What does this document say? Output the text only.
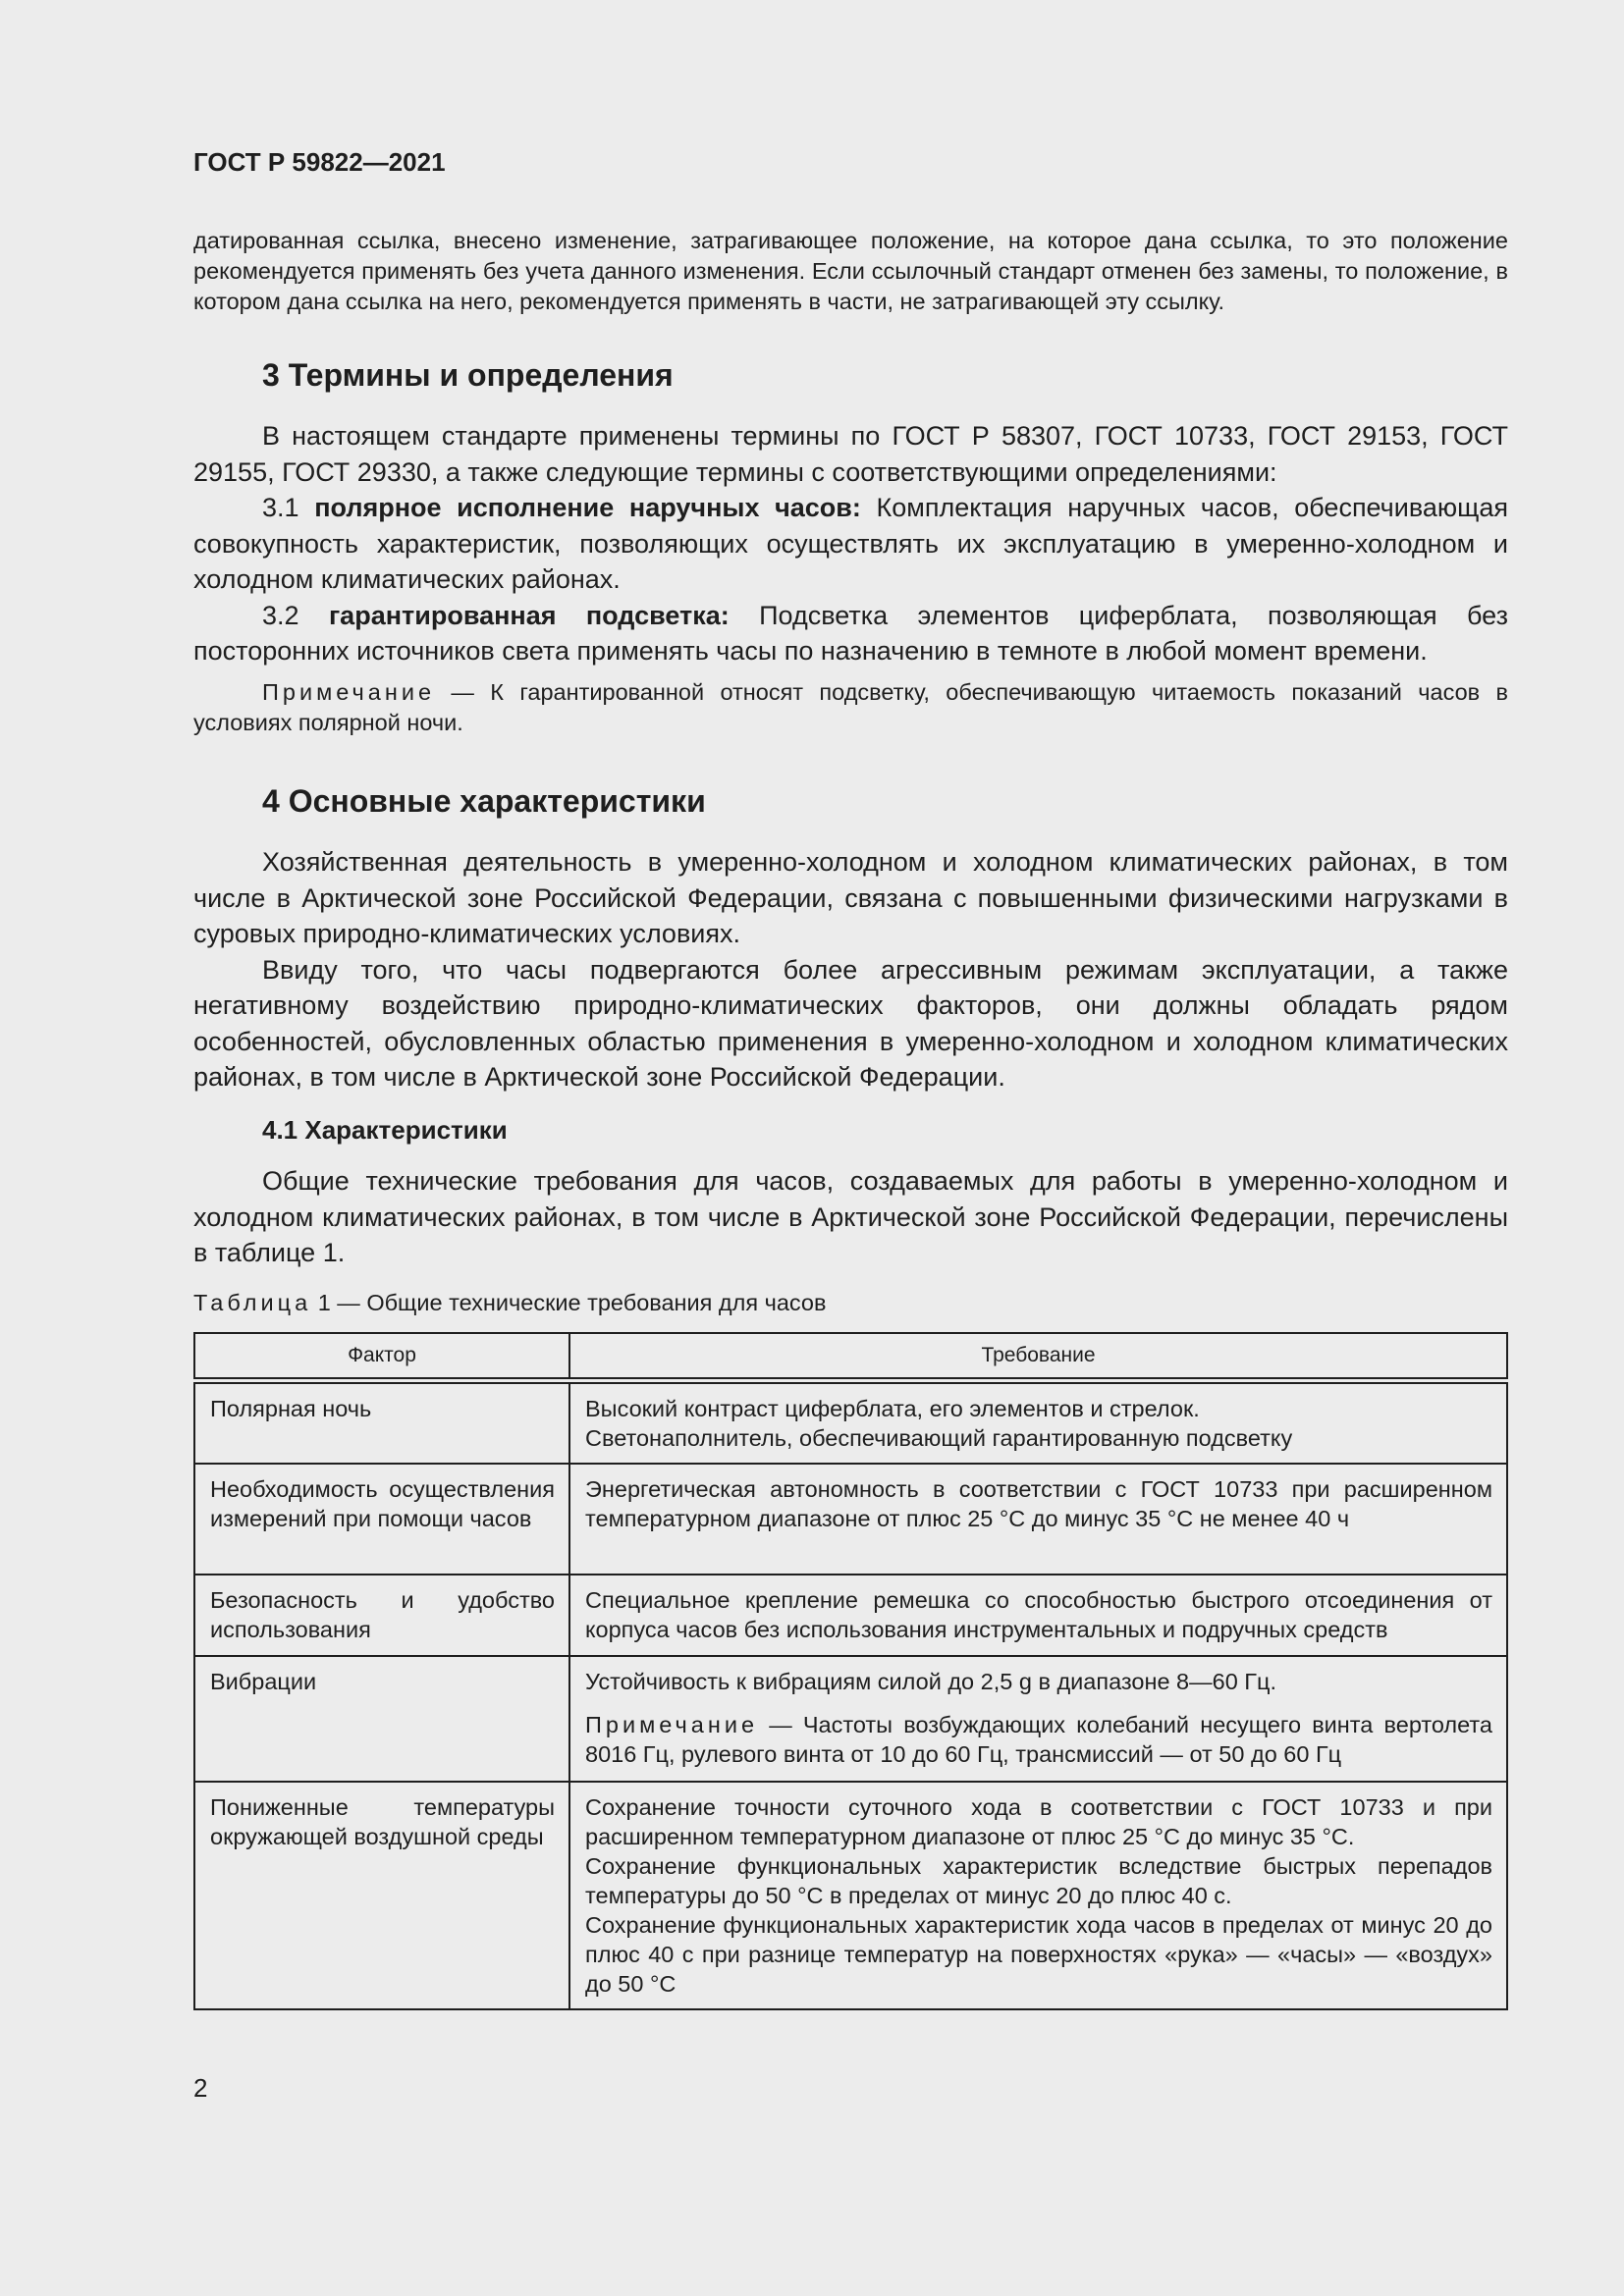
ГОСТ Р 59822—2021

датированная ссылка, внесено изменение, затрагивающее положение, на которое дана ссылка, то это положение рекомендуется применять без учета данного изменения. Если ссылочный стандарт отменен без замены, то положение, в котором дана ссылка на него, рекомендуется применять в части, не затрагивающей эту ссылку.

3 Термины и определения

В настоящем стандарте применены термины по ГОСТ Р 58307, ГОСТ 10733, ГОСТ 29153, ГОСТ 29155, ГОСТ 29330, а также следующие термины с соответствующими определениями:

3.1 полярное исполнение наручных часов: Комплектация наручных часов, обеспечивающая совокупность характеристик, позволяющих осуществлять их эксплуатацию в умеренно-холодном и холодном климатических районах.

3.2 гарантированная подсветка: Подсветка элементов циферблата, позволяющая без посторонних источников света применять часы по назначению в темноте в любой момент времени.

Примечание — К гарантированной относят подсветку, обеспечивающую читаемость показаний часов в условиях полярной ночи.

4 Основные характеристики

Хозяйственная деятельность в умеренно-холодном и холодном климатических районах, в том числе в Арктической зоне Российской Федерации, связана с повышенными физическими нагрузками в суровых природно-климатических условиях.

Ввиду того, что часы подвергаются более агрессивным режимам эксплуатации, а также негативному воздействию природно-климатических факторов, они должны обладать рядом особенностей, обусловленных областью применения в умеренно-холодном и холодном климатических районах, в том числе в Арктической зоне Российской Федерации.

4.1 Характеристики

Общие технические требования для часов, создаваемых для работы в умеренно-холодном и холодном климатических районах, в том числе в Арктической зоне Российской Федерации, перечислены в таблице 1.

Таблица 1 — Общие технические требования для часов
Фактор	Требование
Полярная ночь	Высокий контраст циферблата, его элементов и стрелок.
Светонаполнитель, обеспечивающий гарантированную подсветку

Необходимость осуществления измерений при помощи часов	Энергетическая автономность в соответствии с ГОСТ 10733 при расширенном температурном диапазоне от плюс 25 °С до минус 35 °С не менее 40 ч

Безопасность и удобство использования	Специальное крепление ремешка со способностью быстрого отсоединения от корпуса часов без использования инструментальных и подручных средств

Вибрации	Устойчивость к вибрациям силой до 2,5 g в диапазоне 8—60 Гц.
Примечание — Частоты возбуждающих колебаний несущего винта вертолета 8016 Гц, рулевого винта от 10 до 60 Гц, трансмиссий — от 50 до 60 Гц
Пониженные температуры окружающей воздушной среды	Сохранение точности суточного хода в соответствии с ГОСТ 10733 и при расширенном температурном диапазоне от плюс 25 °С до минус 35 °С.
Сохранение функциональных характеристик вследствие быстрых перепадов температуры до 50 °С в пределах от минус 20 до плюс 40 с.
Сохранение функциональных характеристик хода часов в пределах от минус 20 до плюс 40 с при разнице температур на поверхностях «рука» — «часы» — «воздух» до 50 °С
2
